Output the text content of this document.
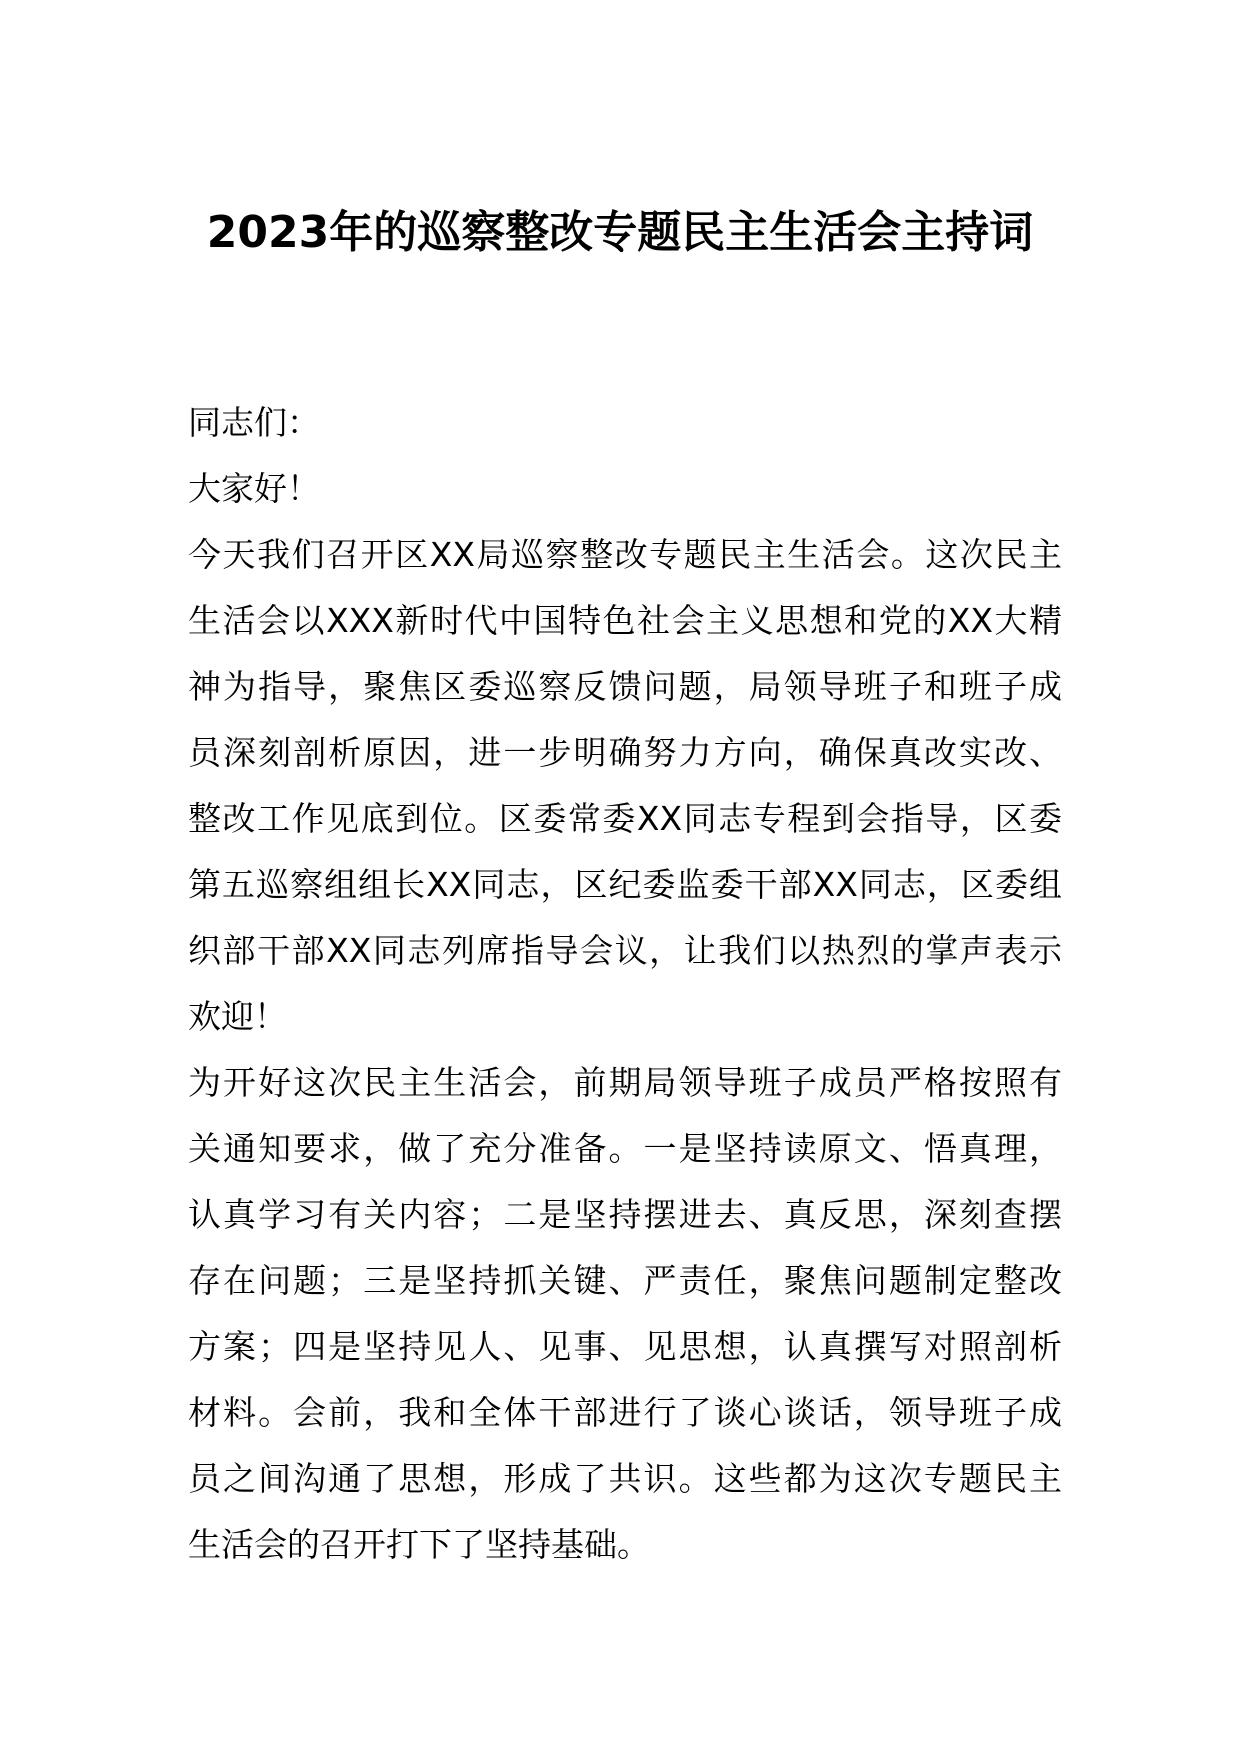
2023年的巡察整改专题民主生活会主持词
同志们：
大家好！
今天我们召开区XX局巡察整改专题民主生活会。这次民主
生活会以XXX新时代中国特色社会主义思想和党的XX大精
神为指导，聚焦区委巡察反馈问题，局领导班子和班子成
员深刻剖析原因，进一步明确努力方向，确保真改实改、
整改工作见底到位。区委常委XX同志专程到会指导，区委
第五巡察组组长XX同志，区纪委监委干部XX同志，区委组
织部干部XX同志列席指导会议，让我们以热烈的掌声表示
欢迎！
为开好这次民主生活会，前期局领导班子成员严格按照有
关通知要求，做了充分准备。一是坚持读原文、悟真理，
认真学习有关内容；二是坚持摆进去、真反思，深刻查摆
存在问题；三是坚持抓关键、严责任，聚焦问题制定整改
方案；四是坚持见人、见事、见思想，认真撰写对照剖析
材料。会前，我和全体干部进行了谈心谈话，领导班子成
员之间沟通了思想，形成了共识。这些都为这次专题民主
生活会的召开打下了坚持基础。
